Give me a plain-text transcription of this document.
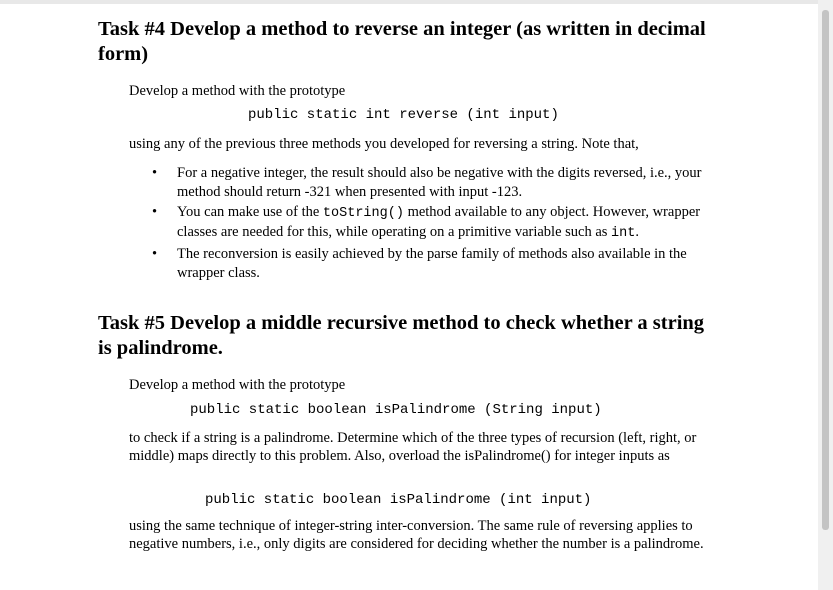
Task #4 Develop a method to reverse an integer (as written in decimal form)

Develop a method with the prototype

public static int reverse (int input)

using any of the previous three methods you developed for reversing a string. Note that,

• For a negative integer, the result should also be negative with the digits reversed, i.e., your method should return -321 when presented with input -123.
• You can make use of the toString() method available to any object. However, wrapper classes are needed for this, while operating on a primitive variable such as int.
• The reconversion is easily achieved by the parse family of methods also available in the wrapper class.
Task #5 Develop a middle recursive method to check whether a string is palindrome.

Develop a method with the prototype

public static boolean isPalindrome (String input)

to check if a string is a palindrome. Determine which of the three types of recursion (left, right, or middle) maps directly to this problem. Also, overload the isPalindrome() for integer inputs as

public static boolean isPalindrome (int input)

using the same technique of integer-string inter-conversion. The same rule of reversing applies to negative numbers, i.e., only digits are considered for deciding whether the number is a palindrome.
